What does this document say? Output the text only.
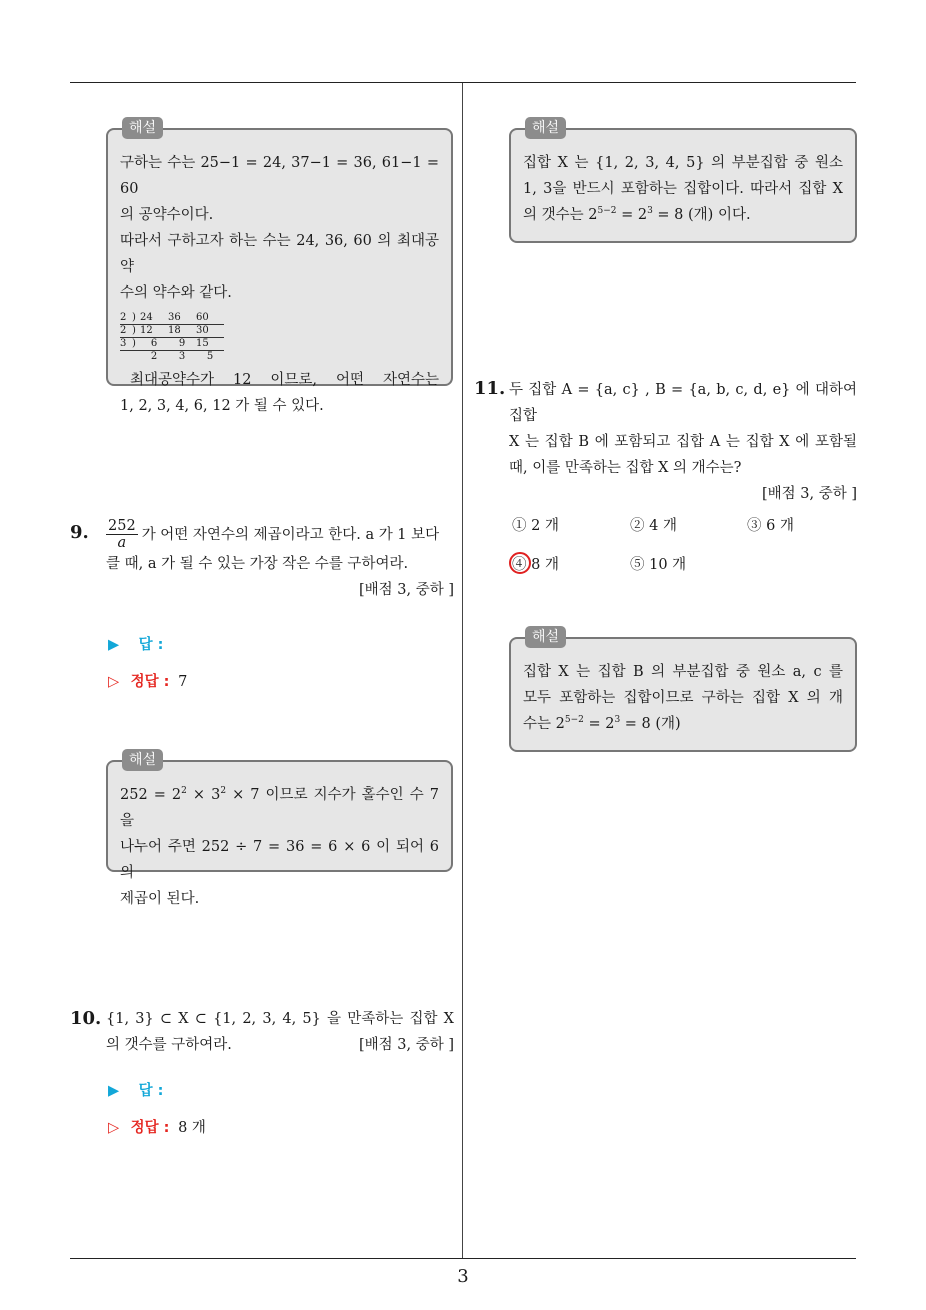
해설

구하는 수는 25−1 = 24, 37−1 = 36, 61−1 = 60

의 공약수이다.

따라서 구하고자 하는 수는 24, 36, 60 의 최대공약

수의 약수와 같다.

2 ) 24	36	60
2 ) 12	18	30
3 )	6	9	15
2	3	5

최대공약수가 12 이므로, 어떤 자연수는

1, 2, 3, 4, 6, 12 가 될 수 있다.

9. $\frac{252}{a}$ 가 어떤 자연수의 제곱이라고 한다. a 가 1 보다
클 때, a 가 될 수 있는 가장 작은 수를 구하여라.
[배점 3, 중하 ]
▶ 답 :
▷ 정답 : 7
해설

$252 = 2^2 \times 3^2 \times 7$ 이므로 지수가 홀수인 수 7 을

나누어 주면 252 ÷ 7 = 36 = 6 × 6 이 되어 6 의

제곱이 된다.

10. {1, 3} ⊂ X ⊂ {1, 2, 3, 4, 5} 을 만족하는 집합 X
의 갯수를 구하여라.	[배점 3, 중하 ]
▶ 답 :
▷ 정답 : 8 개
해설

집합 X 는 {1, 2, 3, 4, 5} 의 부분집합 중 원소

1, 3을 반드시 포함하는 집합이다. 따라서 집합 X

의 갯수는 $2^{5-2} = 2^3 = 8$ (개) 이다.

11. 두 집합 A = {a, c} , B = {a, b, c, d, e} 에 대하여 집합
X 는 집합 B 에 포함되고 집합 A 는 집합 X 에 포함될
때, 이를 만족하는 집합 X 의 개수는?
[배점 3, 중하 ]
① 2 개	② 4 개	③ 6 개
④ 8 개	⑤ 10 개
해설

집합 X 는 집합 B 의 부분집합 중 원소 a, c 를

모두 포함하는 집합이므로 구하는 집합 X 의 개

수는 $2^{5-2} = 2^3 = 8$ (개)

3
